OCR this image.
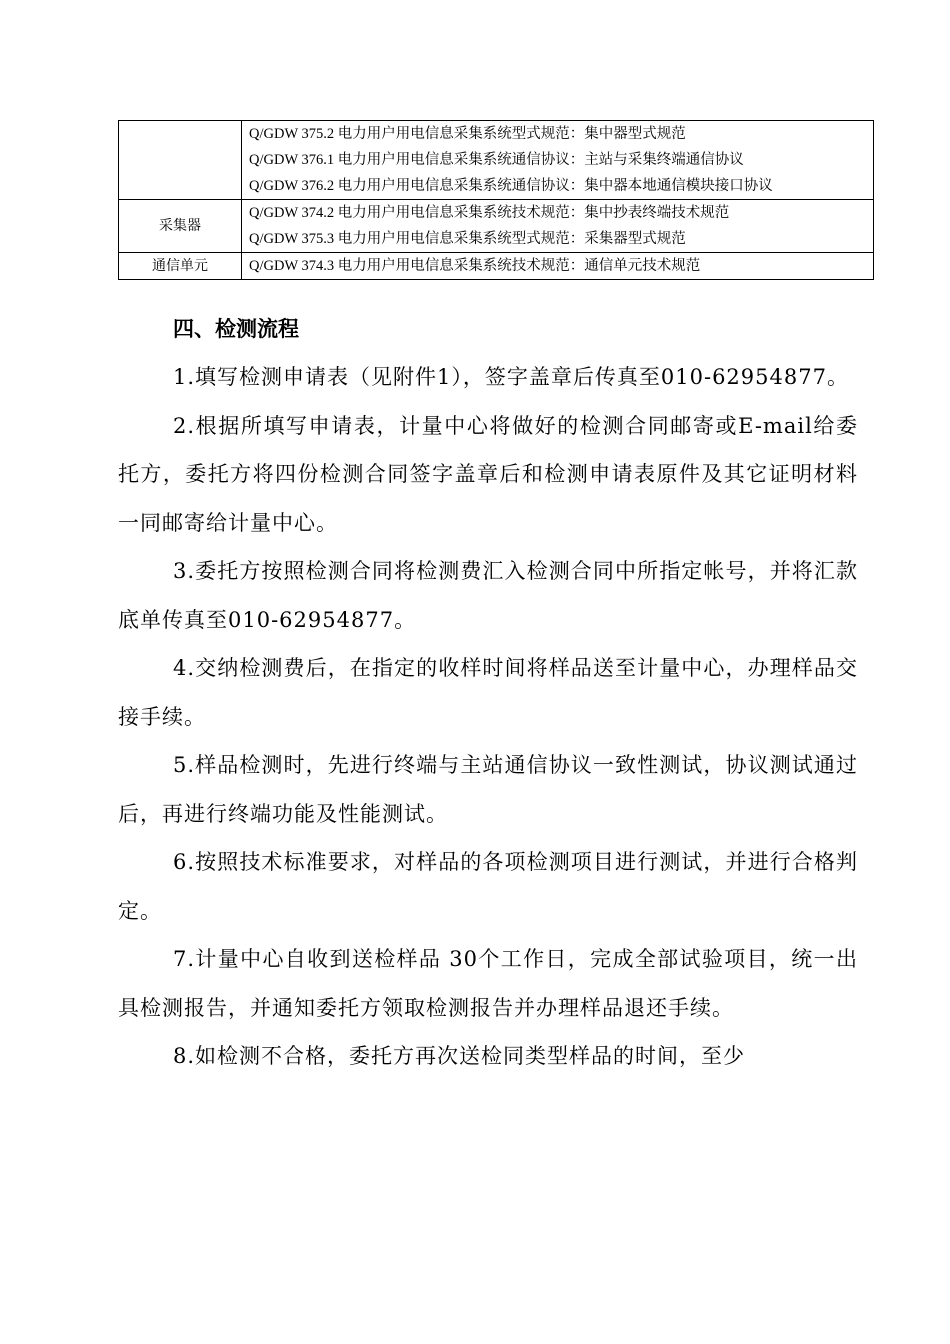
	Q/GDW 375.2 电力用户用电信息采集系统型式规范：集中器型式规范
Q/GDW 376.1 电力用户用电信息采集系统通信协议：主站与采集终端通信协议
Q/GDW 376.2 电力用户用电信息采集系统通信协议：集中器本地通信模块接口协议

采集器	Q/GDW 374.2 电力用户用电信息采集系统技术规范：集中抄表终端技术规范
Q/GDW 375.3 电力用户用电信息采集系统型式规范：采集器型式规范

通信单元	Q/GDW 374.3 电力用户用电信息采集系统技术规范：通信单元技术规范
四、检测流程

1.填写检测申请表（见附件1），签字盖章后传真至010-62954877。

2.根据所填写申请表，计量中心将做好的检测合同邮寄或E-mail给委托方，委托方将四份检测合同签字盖章后和检测申请表原件及其它证明材料一同邮寄给计量中心。

3.委托方按照检测合同将检测费汇入检测合同中所指定帐号，并将汇款底单传真至010-62954877。

4.交纳检测费后，在指定的收样时间将样品送至计量中心，办理样品交接手续。

5.样品检测时，先进行终端与主站通信协议一致性测试，协议测试通过后，再进行终端功能及性能测试。

6.按照技术标准要求，对样品的各项检测项目进行测试，并进行合格判定。

7.计量中心自收到送检样品 30个工作日，完成全部试验项目，统一出具检测报告，并通知委托方领取检测报告并办理样品退还手续。

8.如检测不合格，委托方再次送检同类型样品的时间，至少
